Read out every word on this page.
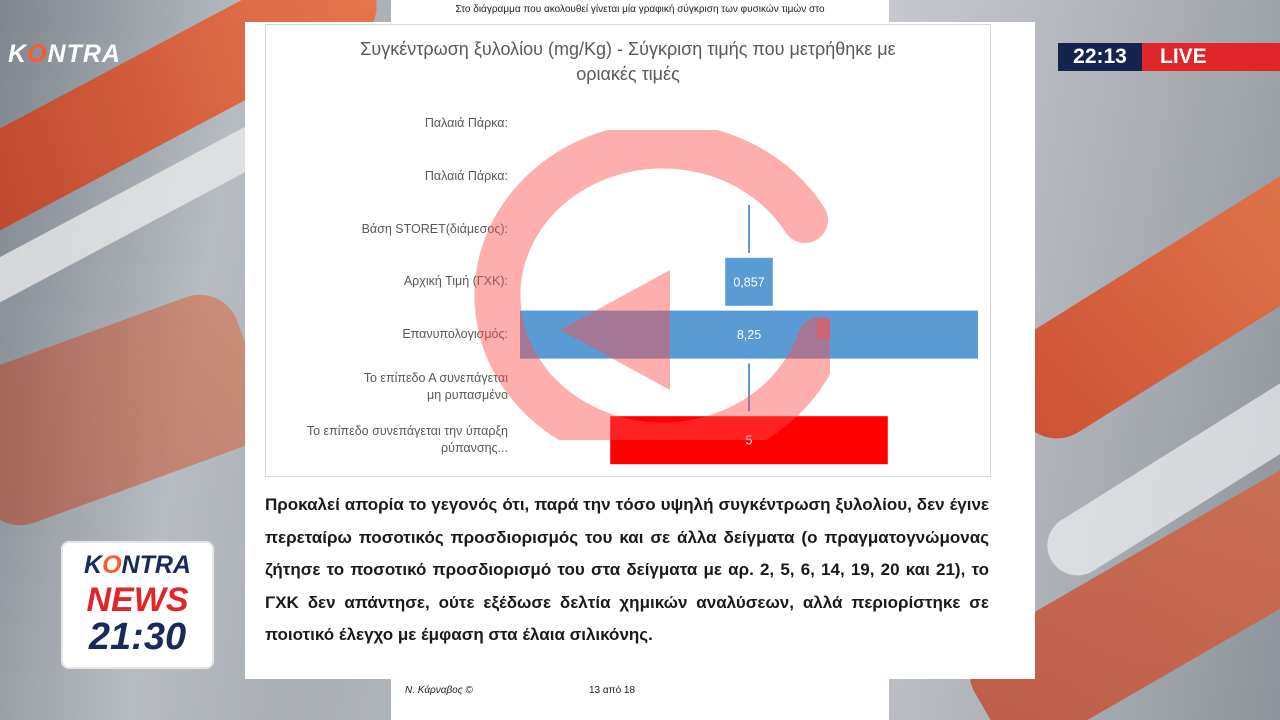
KONTRA	22:13	LIVE
Στο διάγραμμα που ακολουθεί γίνεται μία γραφική σύγκριση των φυσικών τιμών στο
Συγκέντρωση ξυλολίου (mg/Kg) - Σύγκριση τιμής που μετρήθηκε με
οριακές τιμές
Παλαιά Πάρκα:
Παλαιά Πάρκα:
Βάση STORET(διάμεσος):
Αρχική Τιμή (ΓΧΚ):
Επανυπολογισμός:
Το επίπεδο Α συνεπάγεται
μη ρυπασμένο
Το επίπεδο συνεπάγεται την ύπαρξη
ρύπανσης...
0,857
8,25
5
Προκαλεί απορία το γεγονός ότι, παρά την τόσο υψηλή συγκέντρωση ξυλολίου, δεν έγινε περεταίρω ποσοτικός προσδιορισμός του και σε άλλα δείγματα (ο πραγματογνώμονας ζήτησε το ποσοτικό προσδιορισμό του στα δείγματα με αρ. 2, 5, 6, 14, 19, 20 και 21), το ΓΧΚ δεν απάντησε, ούτε εξέδωσε δελτία χημικών αναλύσεων, αλλά περιορίστηκε σε ποιοτικό έλεγχο με έμφαση στα έλαια σιλικόνης.
Ν. Κάρναβος ©	13 από 18
KONTRA
NEWS
21:30
